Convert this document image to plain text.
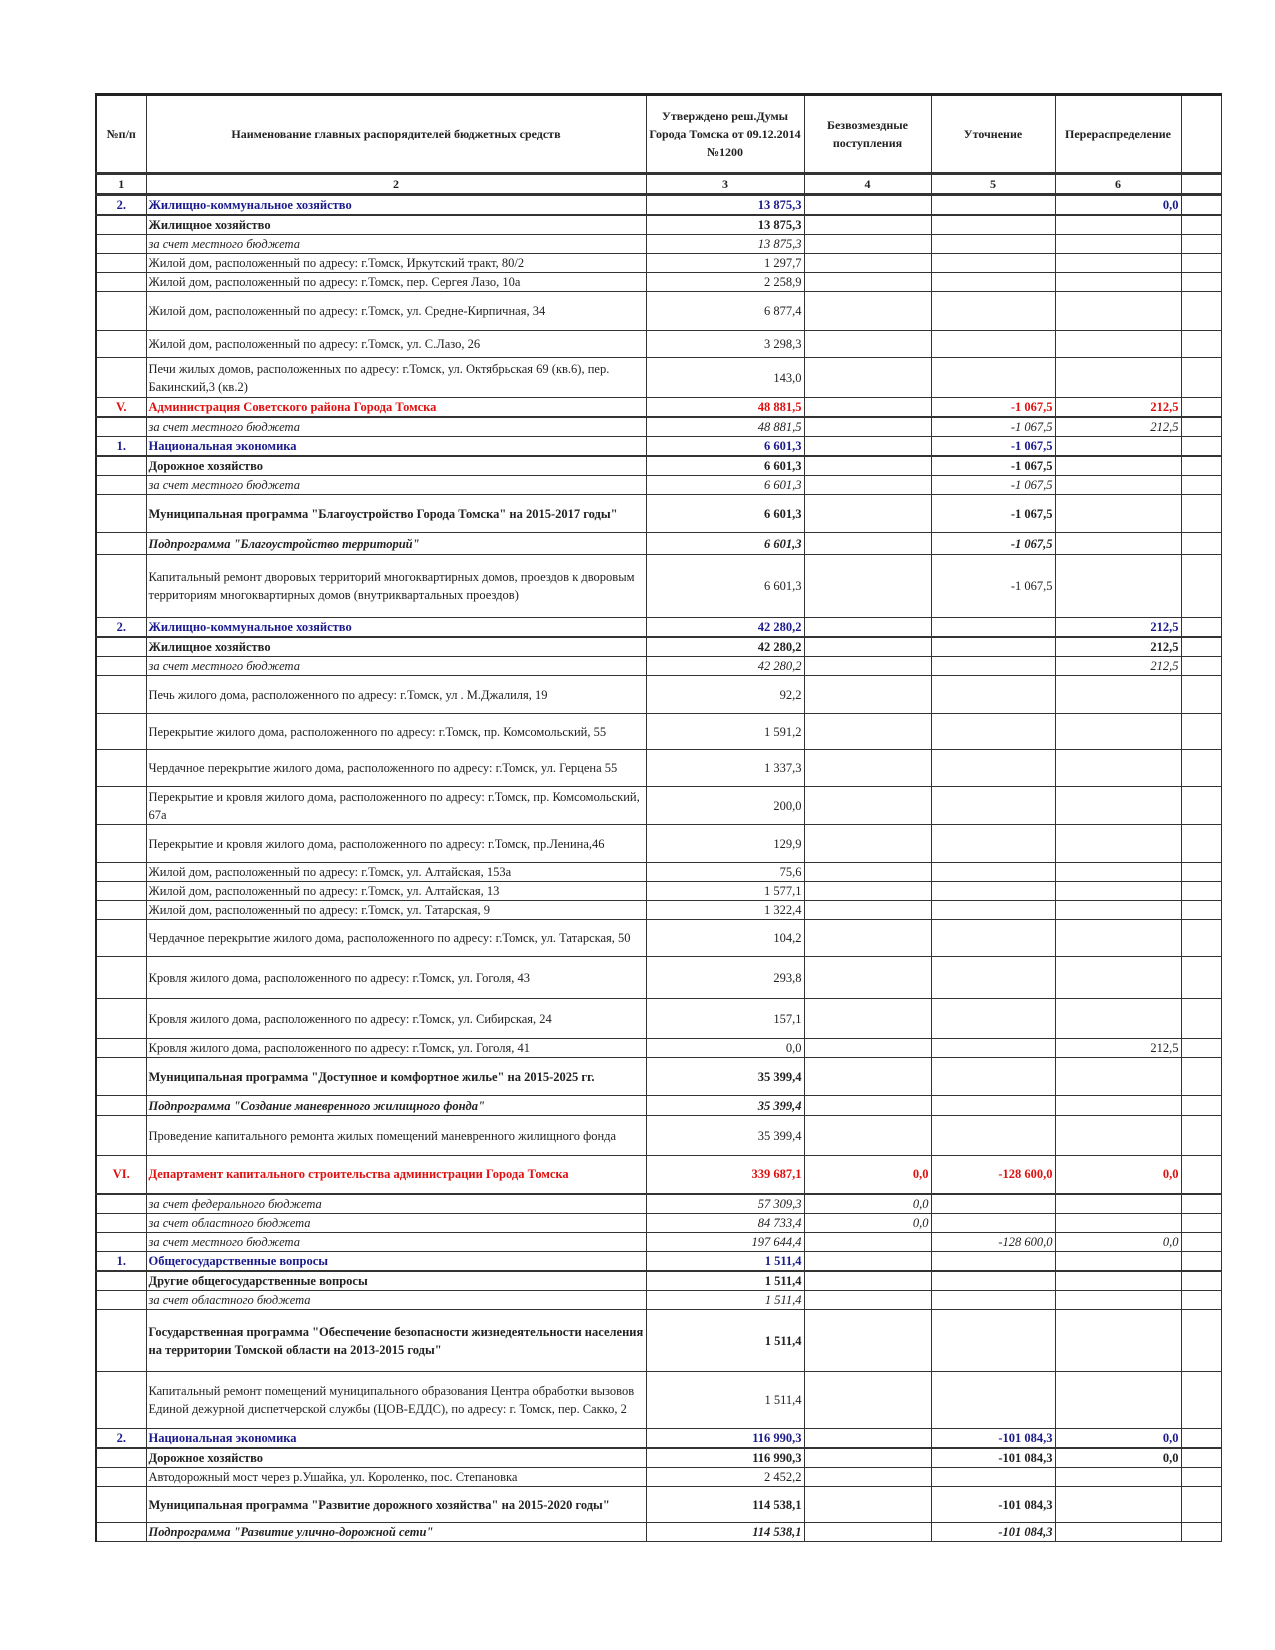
№п/п	Наименование главных распорядителей бюджетных средств	Утверждено реш.Думы Города Томска от 09.12.2014 №1200	Безвозмездные поступления	Уточнение	Перераспределение	
1	2	3	4	5	6	
2.	Жилищно-коммунальное хозяйство	13 875,3			0,0	
	Жилищное хозяйство	13 875,3				
	за счет местного бюджета	13 875,3				
	Жилой дом, расположенный по адресу: г.Томск, Иркутский тракт, 80/2	1 297,7				
	Жилой дом, расположенный по адресу: г.Томск, пер. Сергея Лазо, 10а	2 258,9				
	Жилой дом, расположенный по адресу: г.Томск, ул. Средне-Кирпичная, 34	6 877,4				
	Жилой дом, расположенный по адресу: г.Томск, ул. С.Лазо, 26	3 298,3				
	Печи жилых домов, расположенных по адресу: г.Томск, ул. Октябрьская 69 (кв.6), пер. Бакинский,3 (кв.2)	143,0				
V.	Администрация Советского района Города Томска	48 881,5		-1 067,5	212,5	
	за счет местного бюджета	48 881,5		-1 067,5	212,5	
1.	Национальная экономика	6 601,3		-1 067,5		
	Дорожное хозяйство	6 601,3		-1 067,5		
	за счет местного бюджета	6 601,3		-1 067,5		
	Муниципальная программа "Благоустройство Города Томска" на 2015-2017 годы"	6 601,3		-1 067,5		
	Подпрограмма "Благоустройство территорий"	6 601,3		-1 067,5		
	Капитальный ремонт дворовых территорий многоквартирных домов, проездов к дворовым территориям многоквартирных домов (внутриквартальных проездов)	6 601,3		-1 067,5		
2.	Жилищно-коммунальное хозяйство	42 280,2			212,5	
	Жилищное хозяйство	42 280,2			212,5	
	за счет местного бюджета	42 280,2			212,5	
	Печь жилого дома, расположенного по адресу: г.Томск, ул . М.Джалиля, 19	92,2				
	Перекрытие жилого дома, расположенного по адресу: г.Томск, пр. Комсомольский, 55	1 591,2				
	Чердачное перекрытие жилого дома, расположенного по адресу: г.Томск, ул. Герцена 55	1 337,3				
	Перекрытие и кровля жилого дома, расположенного по адресу: г.Томск, пр. Комсомольский, 67а	200,0				
	Перекрытие и кровля жилого дома, расположенного по адресу: г.Томск, пр.Ленина,46	129,9				
	Жилой дом, расположенный по адресу: г.Томск, ул. Алтайская, 153а	75,6				
	Жилой дом, расположенный по адресу: г.Томск, ул. Алтайская, 13	1 577,1				
	Жилой дом, расположенный по адресу: г.Томск, ул. Татарская, 9	1 322,4				
	Чердачное перекрытие жилого дома, расположенного по адресу: г.Томск, ул. Татарская, 50	104,2				
	Кровля жилого дома, расположенного по адресу: г.Томск, ул. Гоголя, 43	293,8				
	Кровля жилого дома, расположенного по адресу: г.Томск, ул. Сибирская, 24	157,1				
	Кровля жилого дома, расположенного по адресу: г.Томск, ул. Гоголя, 41	0,0			212,5	
	Муниципальная программа "Доступное и комфортное жилье" на 2015-2025 гг.	35 399,4				
	Подпрограмма "Создание маневренного жилищного фонда"	35 399,4				
	Проведение капитального ремонта жилых помещений маневренного жилищного фонда	35 399,4				
VI.	Департамент капитального строительства администрации Города Томска	339 687,1	0,0	-128 600,0	0,0	
	за счет федерального бюджета	57 309,3	0,0			
	за счет областного бюджета	84 733,4	0,0			
	за счет местного бюджета	197 644,4		-128 600,0	0,0	
1.	Общегосударственные вопросы	1 511,4				
	Другие общегосударственные вопросы	1 511,4				
	за счет областного бюджета	1 511,4				
	Государственная программа "Обеспечение безопасности жизнедеятельности населения на территории Томской области на 2013-2015 годы"	1 511,4				
	Капитальный ремонт помещений муниципального образования Центра обработки вызовов Единой дежурной диспетчерской службы (ЦОВ-ЕДДС), по адресу: г. Томск, пер. Сакко, 2	1 511,4				
2.	Национальная экономика	116 990,3		-101 084,3	0,0	
	Дорожное хозяйство	116 990,3		-101 084,3	0,0	
	Автодорожный мост через р.Ушайка, ул. Короленко, пос. Степановка	2 452,2				
	Муниципальная программа "Развитие дорожного хозяйства" на 2015-2020 годы"	114 538,1		-101 084,3		
	Подпрограмма "Развитие улично-дорожной сети"	114 538,1		-101 084,3		
